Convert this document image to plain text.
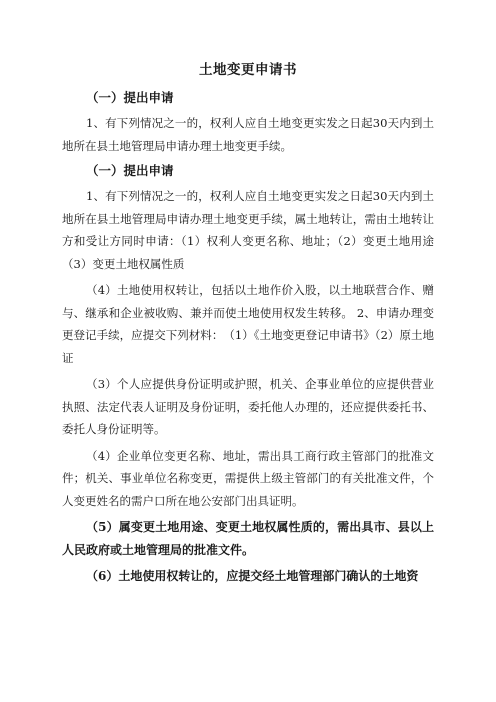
土地变更申请书
（一）提出申请
1、有下列情况之一的，权利人应自土地变更实发之日起30天内到土地所在县土地管理局申请办理土地变更手续。
（一）提出申请
1、有下列情况之一的，权利人应自土地变更实发之日起30天内到土地所在县土地管理局申请办理土地变更手续，属土地转让，需由土地转让方和受让方同时申请：（1）权利人变更名称、地址；（2）变更土地用途　（3）变更土地权属性质
（4）土地使用权转让，包括以土地作价入股，以土地联营合作、赠与、继承和企业被收购、兼并而使土地使用权发生转移。 2、申请办理变更登记手续，应提交下列材料：　（1）《土地变更登记申请书》（2）原土地证
（3）个人应提供身份证明或护照，机关、企事业单位的应提供营业执照、法定代表人证明及身份证明，委托他人办理的，还应提供委托书、委托人身份证明等。
（4）企业单位变更名称、地址，需出具工商行政主管部门的批准文件；机关、事业单位名称变更，需提供上级主管部门的有关批准文件，个人变更姓名的需户口所在地公安部门出具证明。
（5）属变更土地用途、变更土地权属性质的，需出具市、县以上人民政府或土地管理局的批准文件。
（6）土地使用权转让的，应提交经土地管理部门确认的土地资
